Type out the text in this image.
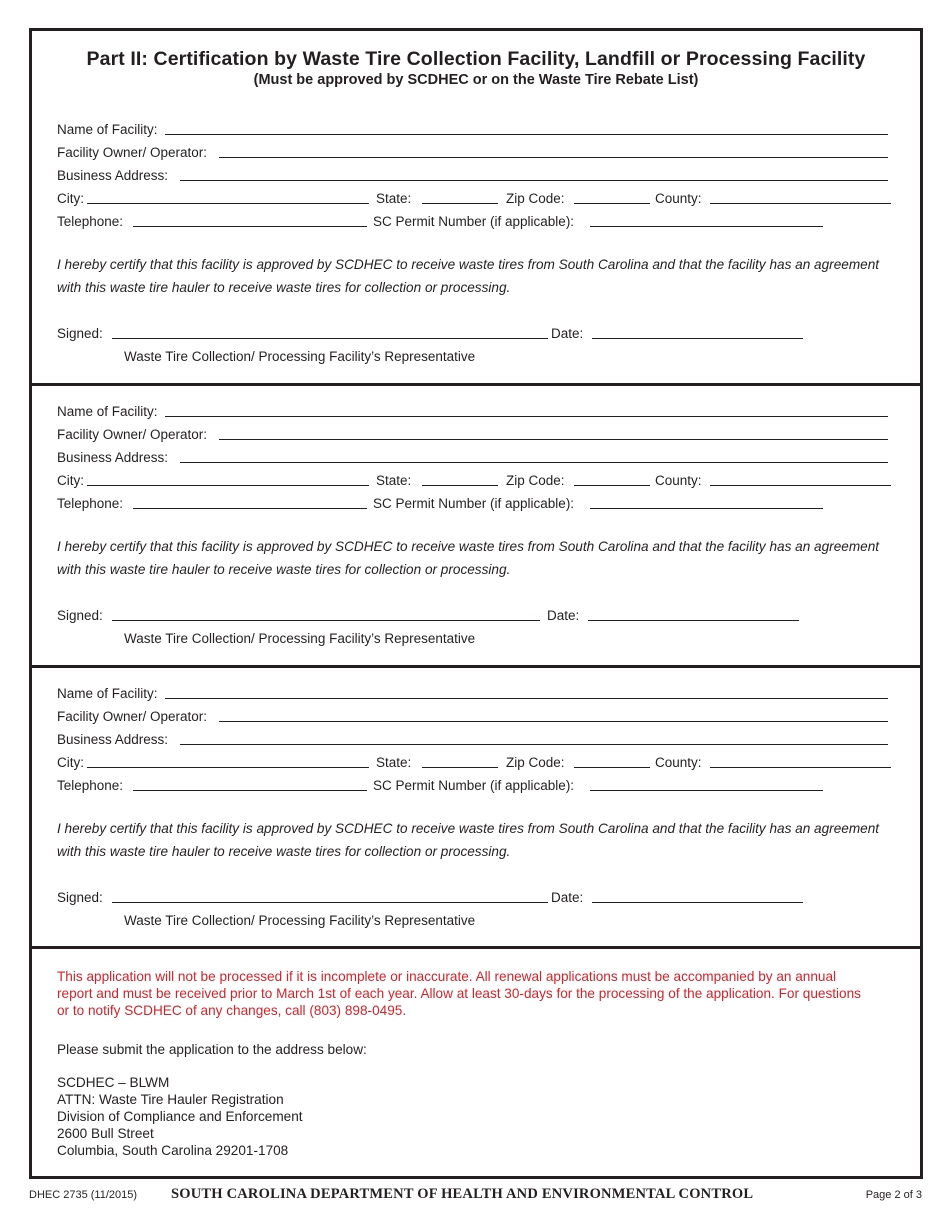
Part II: Certification by Waste Tire Collection Facility, Landfill or Processing Facility
(Must be approved by SCDHEC or on the Waste Tire Rebate List)
Name of Facility:
Facility Owner/ Operator:
Business Address:
City:	State:	Zip Code:	County:
Telephone:	SC Permit Number (if applicable):
I hereby certify that this facility is approved by SCDHEC to receive waste tires from South Carolina and that the facility has an agreement
with this waste tire hauler to receive waste tires for collection or processing.
Signed:	Date:
Waste Tire Collection/ Processing Facility’s Representative
Name of Facility:
Facility Owner/ Operator:
Business Address:
City:	State:	Zip Code:	County:
Telephone:	SC Permit Number (if applicable):
I hereby certify that this facility is approved by SCDHEC to receive waste tires from South Carolina and that the facility has an agreement
with this waste tire hauler to receive waste tires for collection or processing.
Signed:	Date:
Waste Tire Collection/ Processing Facility’s Representative
Name of Facility:
Facility Owner/ Operator:
Business Address:
City:	State:	Zip Code:	County:
Telephone:	SC Permit Number (if applicable):
I hereby certify that this facility is approved by SCDHEC to receive waste tires from South Carolina and that the facility has an agreement
with this waste tire hauler to receive waste tires for collection or processing.
Signed:	Date:
Waste Tire Collection/ Processing Facility’s Representative
This application will not be processed if it is incomplete or inaccurate. All renewal applications must be accompanied by an annual
report and must be received prior to March 1st of each year. Allow at least 30-days for the processing of the application. For questions
or to notify SCDHEC of any changes, call (803) 898-0495.
Please submit the application to the address below:
SCDHEC – BLWM
ATTN: Waste Tire Hauler Registration
Division of Compliance and Enforcement
2600 Bull Street
Columbia, South Carolina 29201-1708
DHEC 2735 (11/2015) SOUTH CAROLINA DEPARTMENT OF HEALTH AND ENVIRONMENTAL CONTROL	Page 2 of 3
